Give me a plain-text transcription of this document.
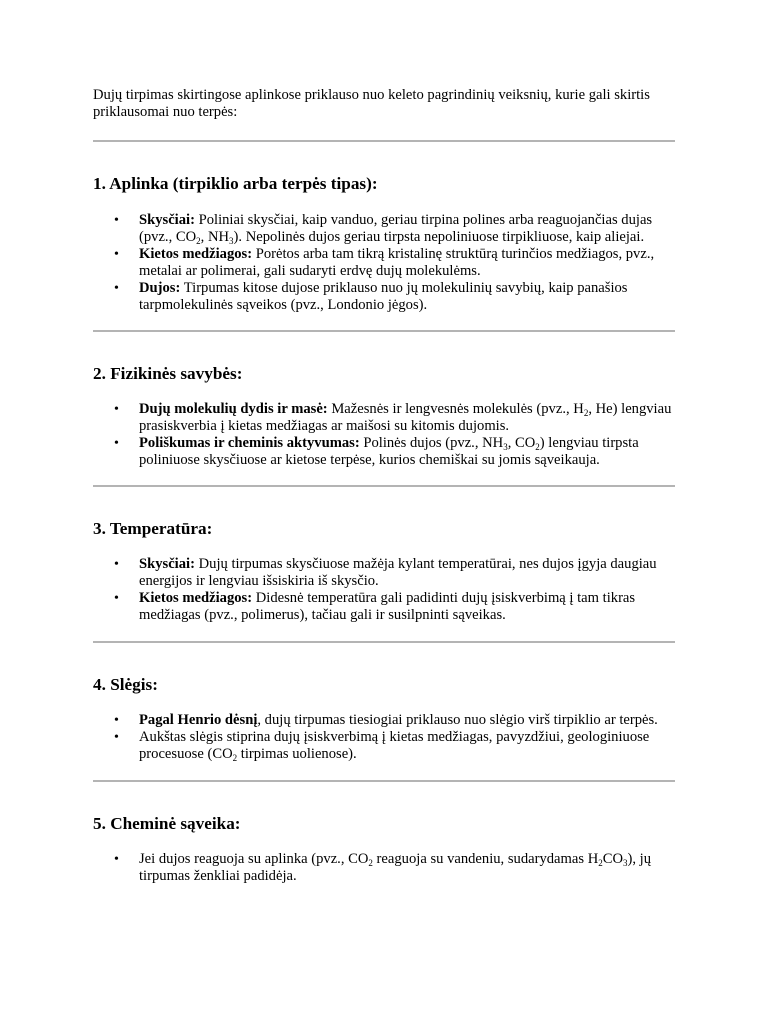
Dujų tirpimas skirtingose aplinkose priklauso nuo keleto pagrindinių veiksnių, kurie gali skirtis priklausomai nuo terpės:

1. Aplinka (tirpiklio arba terpės tipas):
• Skysčiai: Poliniai skysčiai, kaip vanduo, geriau tirpina polines arba reaguojančias dujas (pvz., $CO_2$, $NH_3$). Nepolinės dujos geriau tirpsta nepoliniuose tirpikliuose, kaip aliejai.
• Kietos medžiagos: Porėtos arba tam tikrą kristalinę struktūrą turinčios medžiagos, pvz., metalai ar polimerai, gali sudaryti erdvę dujų molekulėms.
• Dujos: Tirpumas kitose dujose priklauso nuo jų molekulinių savybių, kaip panašios tarpmolekulinės sąveikos (pvz., Londonio jėgos).
2. Fizikinės savybės:
• Dujų molekulių dydis ir masė: Mažesnės ir lengvesnės molekulės (pvz., $H_2$, He) lengviau prasiskverbia į kietas medžiagas ar maišosi su kitomis dujomis.
• Poliškumas ir cheminis aktyvumas: Polinės dujos (pvz., $NH_3$, $CO_2$) lengviau tirpsta poliniuose skysčiuose ar kietose terpėse, kurios chemiškai su jomis sąveikauja.
3. Temperatūra:
• Skysčiai: Dujų tirpumas skysčiuose mažėja kylant temperatūrai, nes dujos įgyja daugiau energijos ir lengviau išsiskiria iš skysčio.
• Kietos medžiagos: Didesnė temperatūra gali padidinti dujų įsiskverbimą į tam tikras medžiagas (pvz., polimerus), tačiau gali ir susilpninti sąveikas.
4. Slėgis:
• Pagal Henrio dėsnį, dujų tirpumas tiesiogiai priklauso nuo slėgio virš tirpiklio ar terpės.
• Aukštas slėgis stiprina dujų įsiskverbimą į kietas medžiagas, pavyzdžiui, geologiniuose procesuose ($CO_2$ tirpimas uolienose).
5. Cheminė sąveika:
• Jei dujos reaguoja su aplinka (pvz., $CO_2$ reaguoja su vandeniu, sudarydamas $H_2CO_3$), jų tirpumas ženkliai padidėja.
